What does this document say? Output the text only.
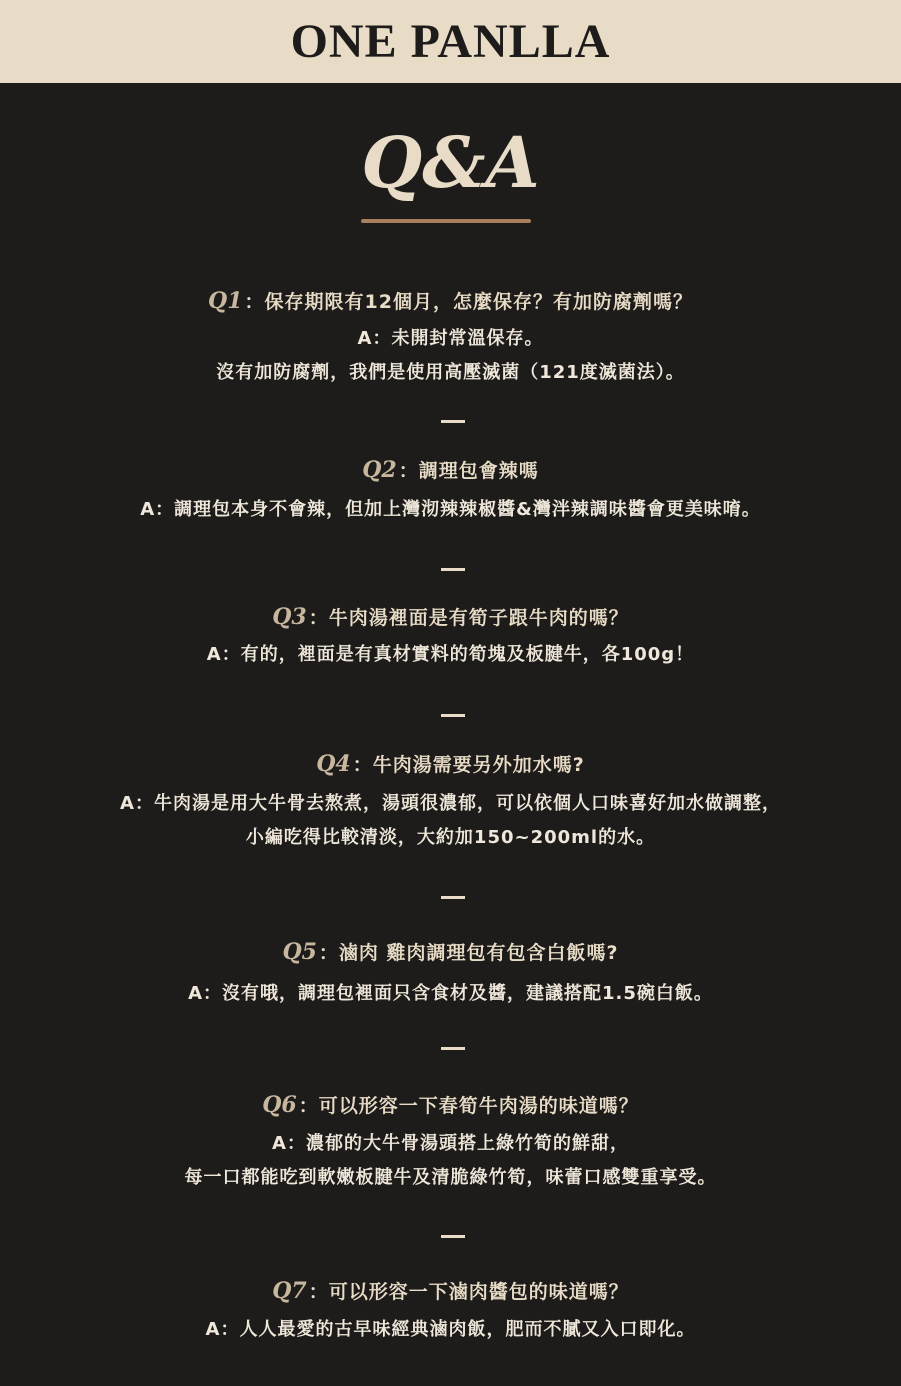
ONE PANLLA
Q&A
Q1 ：保存期限有12個月，怎麼保存？有加防腐劑嗎？
A：未開封常溫保存。
沒有加防腐劑，我們是使用高壓滅菌（121度滅菌法）。
Q2 ：調理包會辣嗎
A：調理包本身不會辣，但加上灣沏辣辣椒醬&灣泮辣調味醬會更美味唷。
Q3 ：牛肉湯裡面是有筍子跟牛肉的嗎？
A：有的，裡面是有真材實料的筍塊及板腱牛，各100g！
Q4 ：牛肉湯需要另外加水嗎?
A：牛肉湯是用大牛骨去熬煮，湯頭很濃郁，可以依個人口味喜好加水做調整，
小編吃得比較清淡，大約加150~200ml的水。
Q5 ：滷肉 雞肉調理包有包含白飯嗎?
A：沒有哦，調理包裡面只含食材及醬，建議搭配1.5碗白飯。
Q6 ：可以形容一下春筍牛肉湯的味道嗎？
A：濃郁的大牛骨湯頭搭上綠竹筍的鮮甜，
每一口都能吃到軟嫩板腱牛及清脆綠竹筍，味蕾口感雙重享受。
Q7 ：可以形容一下滷肉醬包的味道嗎？
A：人人最愛的古早味經典滷肉飯，肥而不膩又入口即化。
